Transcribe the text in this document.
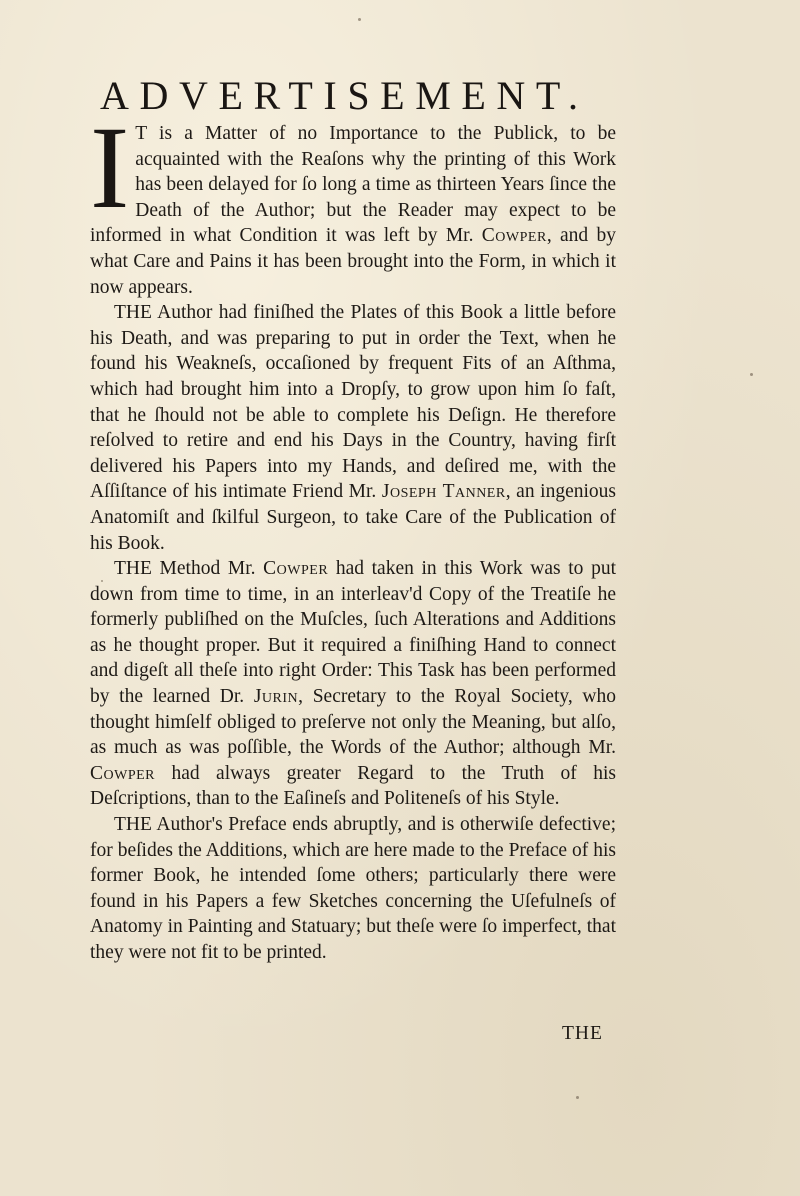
ADVERTISEMENT.

I T is a Matter of no Importance to the Publick, to be acquainted with the Reaſons why the printing of this Work has been delayed for ſo long a time as thirteen Years ſince the Death of the Author; but the Reader may expect to be informed in what Condition it was left by Mr. Cowper, and by what Care and Pains it has been brought into the Form, in which it now appears.

THE Author had finiſhed the Plates of this Book a little before his Death, and was preparing to put in order the Text, when he found his Weakneſs, occaſioned by frequent Fits of an Aſthma, which had brought him into a Dropſy, to grow upon him ſo faſt, that he ſhould not be able to complete his Deſign. He therefore reſolved to retire and end his Days in the Country, having firſt delivered his Papers into my Hands, and deſired me, with the Aſſiſtance of his intimate Friend Mr. Joseph Tanner, an ingenious Anatomiſt and ſkilful Surgeon, to take Care of the Publication of his Book.

THE Method Mr. Cowper had taken in this Work was to put down from time to time, in an interleav'd Copy of the Treatiſe he formerly publiſhed on the Muſcles, ſuch Alterations and Additions as he thought proper. But it required a finiſhing Hand to connect and digeſt all theſe into right Order: This Task has been performed by the learned Dr. Jurin, Secretary to the Royal Society, who thought himſelf obliged to preſerve not only the Meaning, but alſo, as much as was poſſible, the Words of the Author; although Mr. Cowper had always greater Regard to the Truth of his Deſcriptions, than to the Eaſineſs and Politeneſs of his Style.

THE Author's Preface ends abruptly, and is otherwiſe defective; for beſides the Additions, which are here made to the Preface of his former Book, he intended ſome others; particularly there were found in his Papers a few Sketches concerning the Uſefulneſs of Anatomy in Painting and Statuary; but theſe were ſo imperfect, that they were not fit to be printed.

THE
